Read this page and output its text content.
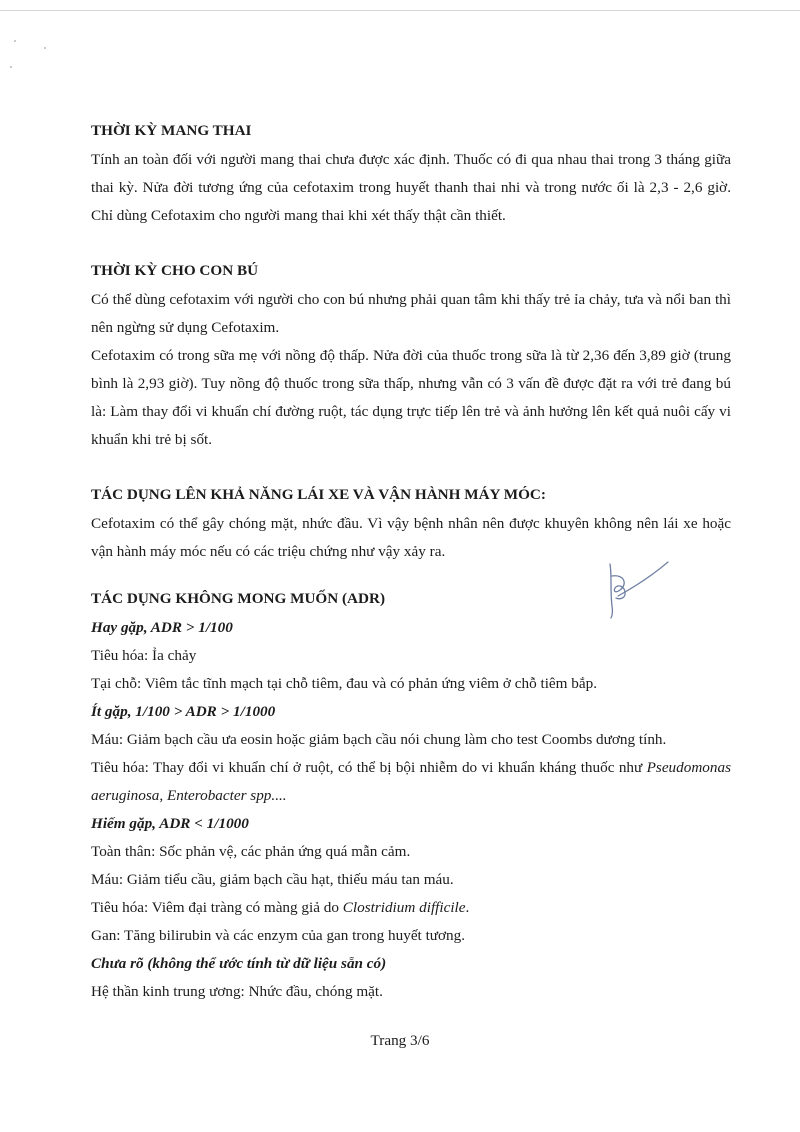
THỜI KỲ MANG THAI
Tính an toàn đối với người mang thai chưa được xác định. Thuốc có đi qua nhau thai trong 3 tháng giữa thai kỳ. Nửa đời tương ứng của cefotaxim trong huyết thanh thai nhi và trong nước ối là 2,3 - 2,6 giờ. Chỉ dùng Cefotaxim cho người mang thai khi xét thấy thật cần thiết.
THỜI KỲ CHO CON BÚ
Có thể dùng cefotaxim với người cho con bú nhưng phải quan tâm khi thấy trẻ ỉa chảy, tưa và nổi ban thì nên ngừng sử dụng Cefotaxim.
Cefotaxim có trong sữa mẹ với nồng độ thấp. Nửa đời của thuốc trong sữa là từ 2,36 đến 3,89 giờ (trung bình là 2,93 giờ). Tuy nồng độ thuốc trong sữa thấp, nhưng vẫn có 3 vấn đề được đặt ra với trẻ đang bú là: Làm thay đổi vi khuẩn chí đường ruột, tác dụng trực tiếp lên trẻ và ảnh hưởng lên kết quả nuôi cấy vi khuẩn khi trẻ bị sốt.
TÁC DỤNG LÊN KHẢ NĂNG LÁI XE VÀ VẬN HÀNH MÁY MÓC:
Cefotaxim có thể gây chóng mặt, nhức đầu. Vì vậy bệnh nhân nên được khuyên không nên lái xe hoặc vận hành máy móc nếu có các triệu chứng như vậy xảy ra.
TÁC DỤNG KHÔNG MONG MUỐN (ADR)
Hay gặp, ADR > 1/100
Tiêu hóa: Ỉa chảy
Tại chỗ: Viêm tắc tĩnh mạch tại chỗ tiêm, đau và có phản ứng viêm ở chỗ tiêm bắp.
Ít gặp, 1/100 > ADR > 1/1000
Máu: Giảm bạch cầu ưa eosin hoặc giảm bạch cầu nói chung làm cho test Coombs dương tính.
Tiêu hóa: Thay đổi vi khuẩn chí ở ruột, có thể bị bội nhiễm do vi khuẩn kháng thuốc như Pseudomonas aeruginosa, Enterobacter spp....
Hiếm gặp, ADR < 1/1000
Toàn thân: Sốc phản vệ, các phản ứng quá mẫn cảm.
Máu: Giảm tiểu cầu, giảm bạch cầu hạt, thiếu máu tan máu.
Tiêu hóa: Viêm đại tràng có màng giả do Clostridium difficile.
Gan: Tăng bilirubin và các enzym của gan trong huyết tương.
Chưa rõ (không thể ước tính từ dữ liệu sẵn có)
Hệ thần kinh trung ương: Nhức đầu, chóng mặt.
Trang 3/6
